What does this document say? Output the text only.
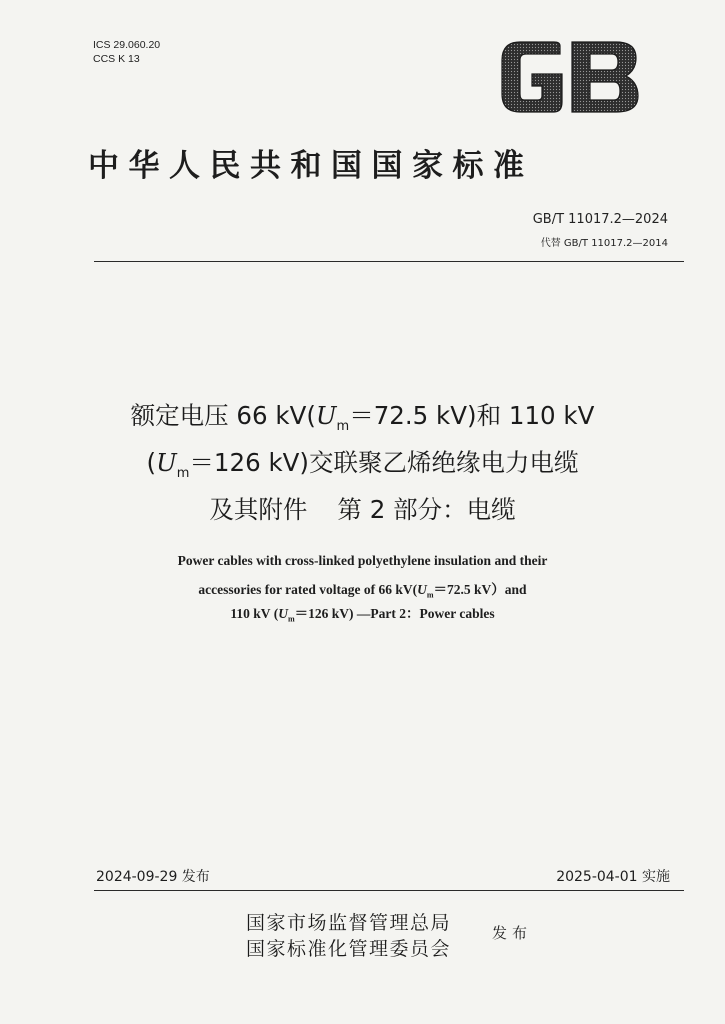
ICS 29.060.20
CCS K 13
中华人民共和国国家标准
GB/T 11017.2—2024
代替 GB/T 11017.2—2014
额定电压 66 $kV(U_m=72.5$ kV)和 110 kV
($U_m=126$ kV)交联聚乙烯绝缘电力电缆
及其附件 第 2 部分：电缆
Power cables with cross-linked polyethylene insulation and their
accessories for rated voltage of 66 $kV(U_m=72.5$ kV）and
110 kV ($U_m=126$ kV) —Part 2：Power cables
2024-09-29 发布	2025-04-01 实施
国家市场监督管理总局
国家标准化管理委员会
发布
